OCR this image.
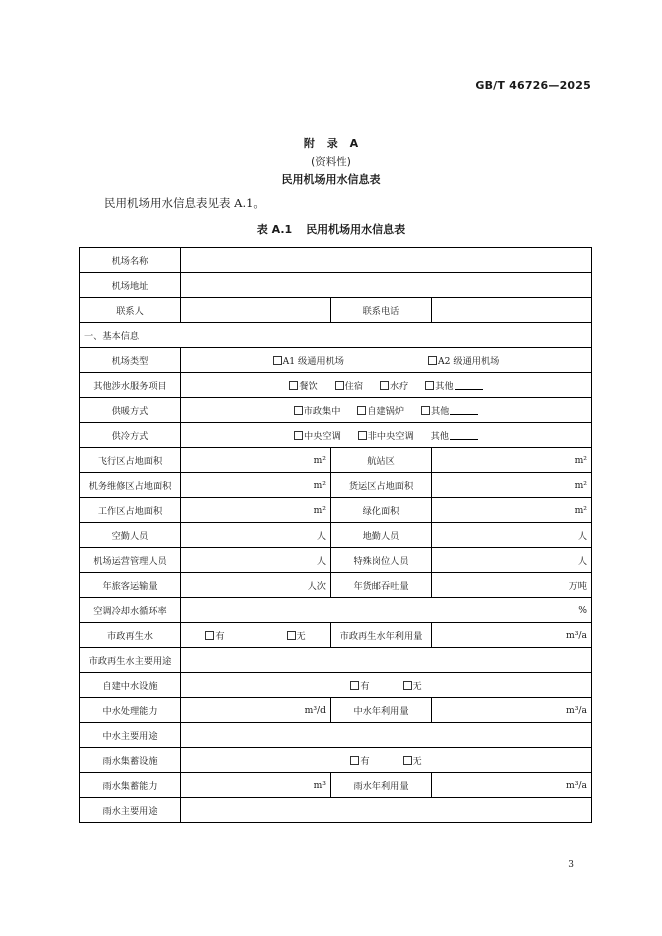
GB/T 46726—2025
附 录 A
(资料性)
民用机场用水信息表
民用机场用水信息表见表 A.1。
表 A.1 民用机场用水信息表
机场名称			
机场地址			
联系人		联系电话	
一、基本信息			
机场类型	A1 级通用机场 A2 级通用机场		
其他涉水服务项目	餐饮 住宿 水疗 其他		
供暖方式	市政集中 自建锅炉 其他		
供冷方式	中央空调 非中央空调 其他		
飞行区占地面积	m²	航站区	m²
机务维修区占地面积	m²	货运区占地面积	m²
工作区占地面积	m²	绿化面积	m²
空勤人员	人	地勤人员	人
机场运营管理人员	人	特殊岗位人员	人
年旅客运输量	人次	年货邮吞吐量	万吨
空调冷却水循环率	%		
市政再生水	有 无	市政再生水年利用量	m³/a
市政再生水主要用途			
自建中水设施	有 无		
中水处理能力	m³/d	中水年利用量	m³/a
中水主要用途			
雨水集蓄设施	有 无		
雨水集蓄能力	m³	雨水年利用量	m³/a
雨水主要用途			
3
